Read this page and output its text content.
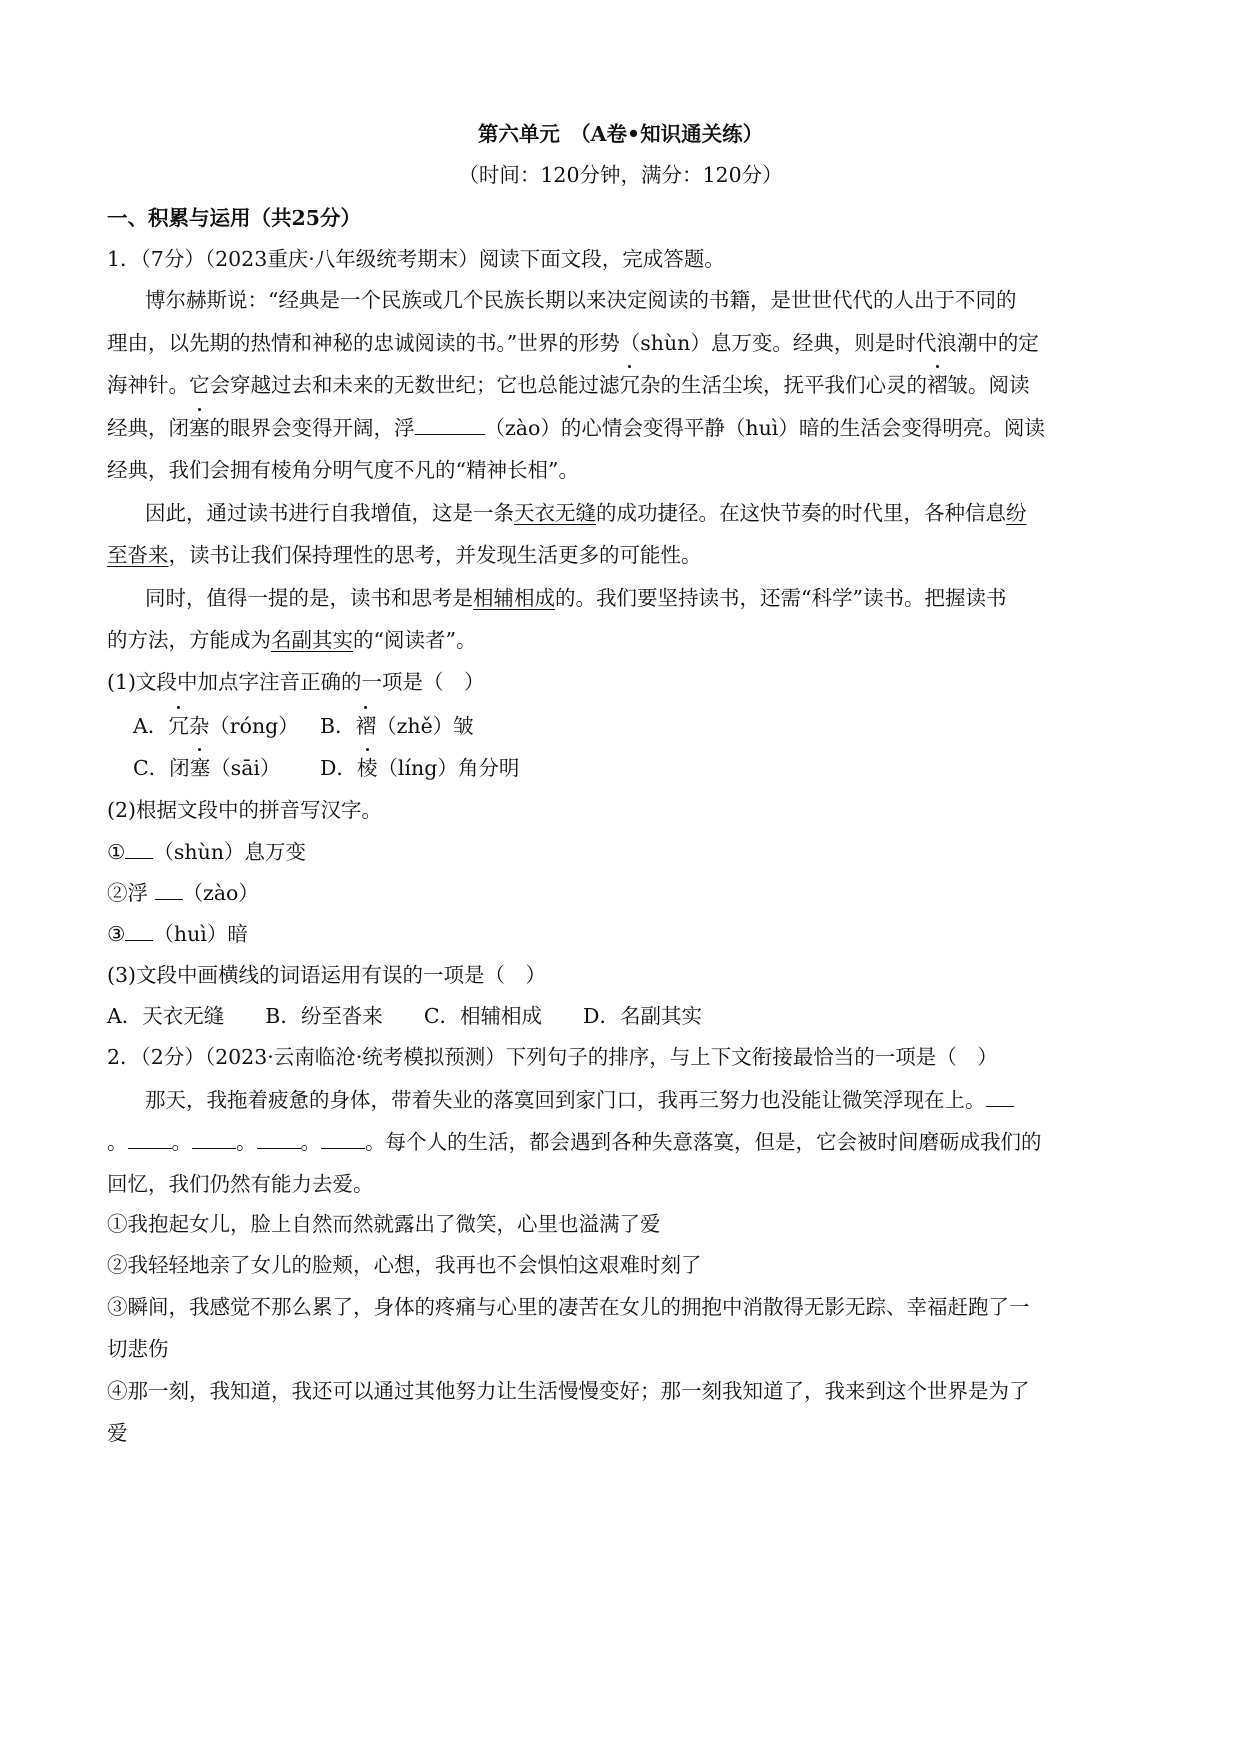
第六单元　（A卷•知识通关练）
（时间：120分钟，满分：120分）
一、积累与运用（共25分）
1．（7分）（2023重庆·八年级统考期末）阅读下面文段，完成答题。
博尔赫斯说：“经典是一个民族或几个民族长期以来决定阅读的书籍，是世世代代的人出于不同的
理由，以先期的热情和神秘的忠诚阅读的书。”世界的形势（shùn）息万变。经典，则是时代浪潮中的定
海神针。它会穿越过去和未来的无数世纪；它也总能过滤冗杂的生活尘埃，抚平我们心灵的褶皱。阅读
经典，闭塞的眼界会变得开阔，浮	（zào）的心情会变得平静（huì）暗的生活会变得明亮。阅读
经典，我们会拥有棱角分明气度不凡的“精神长相”。
因此，通过读书进行自我增值，这是一条天衣无缝的成功捷径。在这快节奏的时代里，各种信息纷
至沓来，读书让我们保持理性的思考，并发现生活更多的可能性。
同时，值得一提的是，读书和思考是相辅相成的。我们要坚持读书，还需“科学”读书。把握读书
的方法，方能成为名副其实的“阅读者”。
(1)文段中加点字注音正确的一项是（　）
A．冗杂（róng） B．褶（zhě）皱
C．闭塞（sāi） D．棱（líng）角分明
(2)根据文段中的拼音写汉字。
① （shùn）息万变
②浮 （zào）
③ （huì）暗
(3)文段中画横线的词语运用有误的一项是（　）
A．天衣无缝　　B．纷至沓来　　C．相辅相成　　D．名副其实
2．（2分）（2023·云南临沧·统考模拟预测）下列句子的排序，与上下文衔接最恰当的一项是（　）
那天，我拖着疲惫的身体，带着失业的落寞回到家门口，我再三努力也没能让微笑浮现在上。
。 。 。 。 。每个人的生活，都会遇到各种失意落寞，但是，它会被时间磨砺成我们的
回忆，我们仍然有能力去爱。
①我抱起女儿，脸上自然而然就露出了微笑，心里也溢满了爱
②我轻轻地亲了女儿的脸颊，心想，我再也不会惧怕这艰难时刻了
③瞬间，我感觉不那么累了，身体的疼痛与心里的凄苦在女儿的拥抱中消散得无影无踪、幸福赶跑了一
切悲伤
④那一刻，我知道，我还可以通过其他努力让生活慢慢变好；那一刻我知道了，我来到这个世界是为了
爱
